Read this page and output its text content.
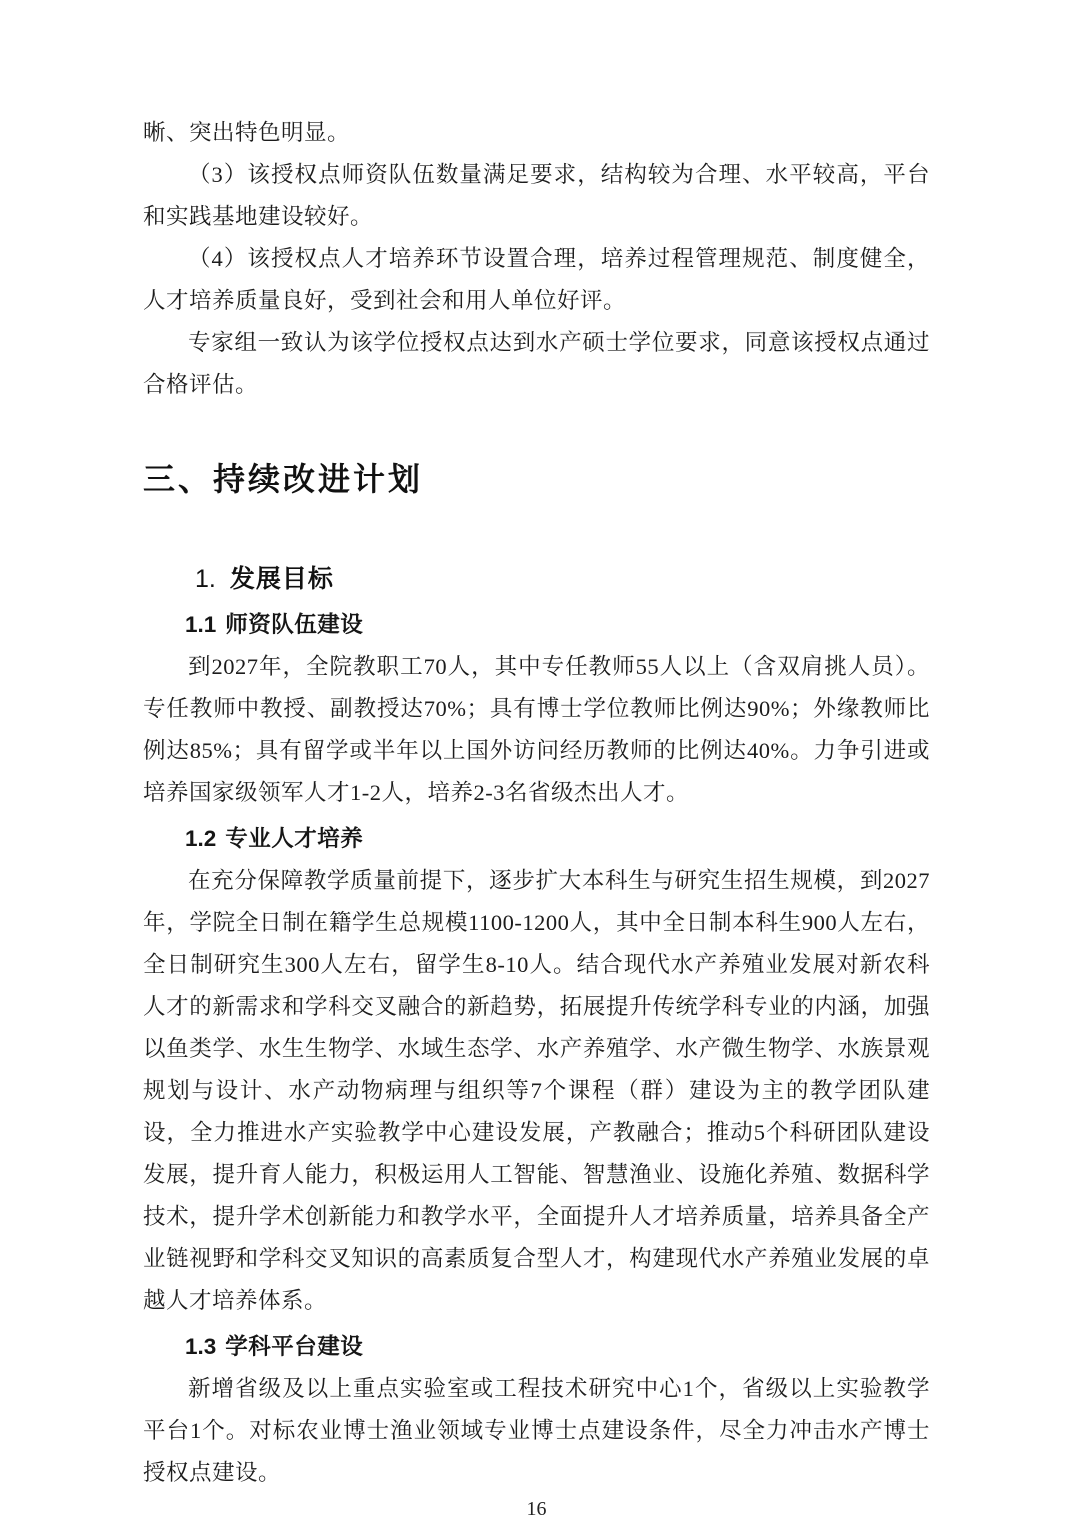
晰、突出特色明显。

（3）该授权点师资队伍数量满足要求，结构较为合理、水平较高，平台和实践基地建设较好。

（4）该授权点人才培养环节设置合理，培养过程管理规范、制度健全，人才培养质量良好，受到社会和用人单位好评。

专家组一致认为该学位授权点达到水产硕士学位要求，同意该授权点通过合格评估。

三、持续改进计划
1. 发展目标
1.1 师资队伍建设

到2027年，全院教职工70人，其中专任教师55人以上（含双肩挑人员）。专任教师中教授、副教授达70%；具有博士学位教师比例达90%；外缘教师比例达85%；具有留学或半年以上国外访问经历教师的比例达40%。力争引进或培养国家级领军人才1-2人，培养2-3名省级杰出人才。

1.2 专业人才培养

在充分保障教学质量前提下，逐步扩大本科生与研究生招生规模，到2027年，学院全日制在籍学生总规模1100-1200人，其中全日制本科生900人左右，全日制研究生300人左右，留学生8-10人。结合现代水产养殖业发展对新农科人才的新需求和学科交叉融合的新趋势，拓展提升传统学科专业的内涵，加强以鱼类学、水生生物学、水域生态学、水产养殖学、水产微生物学、水族景观规划与设计、水产动物病理与组织等7个课程（群）建设为主的教学团队建设，全力推进水产实验教学中心建设发展，产教融合；推动5个科研团队建设发展，提升育人能力，积极运用人工智能、智慧渔业、设施化养殖、数据科学技术，提升学术创新能力和教学水平，全面提升人才培养质量，培养具备全产业链视野和学科交叉知识的高素质复合型人才，构建现代水产养殖业发展的卓越人才培养体系。

1.3 学科平台建设

新增省级及以上重点实验室或工程技术研究中心1个，省级以上实验教学平台1个。对标农业博士渔业领域专业博士点建设条件，尽全力冲击水产博士授权点建设。

16
